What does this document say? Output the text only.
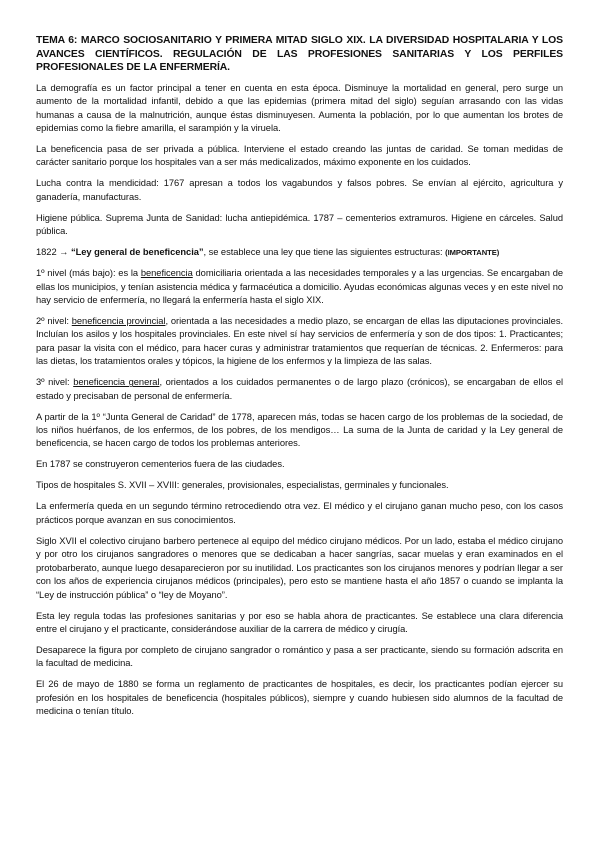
TEMA 6: MARCO SOCIOSANITARIO Y PRIMERA MITAD SIGLO XIX. LA DIVERSIDAD HOSPITALARIA Y LOS AVANCES CIENTÍFICOS. REGULACIÓN DE LAS PROFESIONES SANITARIAS Y LOS PERFILES PROFESIONALES DE LA ENFERMERÍA.

La demografía es un factor principal a tener en cuenta en esta época. Disminuye la mortalidad en general, pero surge un aumento de la mortalidad infantil, debido a que las epidemias (primera mitad del siglo) seguían arrasando con las vidas humanas a causa de la malnutrición, aunque éstas disminuyesen. Aumenta la población, por lo que aumentan los brotes de epidemias como la fiebre amarilla, el sarampión y la viruela.

La beneficencia pasa de ser privada a pública. Interviene el estado creando las juntas de caridad. Se toman medidas de carácter sanitario porque los hospitales van a ser más medicalizados, máximo exponente en los cuidados.

Lucha contra la mendicidad: 1767 apresan a todos los vagabundos y falsos pobres. Se envían al ejército, agricultura y ganadería, manufacturas.

Higiene pública. Suprema Junta de Sanidad: lucha antiepidémica. 1787 – cementerios extramuros. Higiene en cárceles. Salud pública.

1822 → “Ley general de beneficencia”, se establece una ley que tiene las siguientes estructuras: (IMPORTANTE)

1º nivel (más bajo): es la beneficencia domiciliaria orientada a las necesidades temporales y a las urgencias. Se encargaban de ellas los municipios, y tenían asistencia médica y farmacéutica a domicilio. Ayudas económicas algunas veces y en este nivel no hay servicio de enfermería, no llegará la enfermería hasta el siglo XIX.

2º nivel: beneficencia provincial, orientada a las necesidades a medio plazo, se encargan de ellas las diputaciones provinciales. Incluían los asilos y los hospitales provinciales. En este nivel sí hay servicios de enfermería y son de dos tipos: 1. Practicantes; para pasar la visita con el médico, para hacer curas y administrar tratamientos que requerían de técnicas. 2. Enfermeros: para las dietas, los tratamientos orales y tópicos, la higiene de los enfermos y la limpieza de las salas.

3º nivel: beneficencia general, orientados a los cuidados permanentes o de largo plazo (crónicos), se encargaban de ellos el estado y precisaban de personal de enfermería.

A partir de la 1º “Junta General de Caridad” de 1778, aparecen más, todas se hacen cargo de los problemas de la sociedad, de los niños huérfanos, de los enfermos, de los pobres, de los mendigos… La suma de la Junta de caridad y la Ley general de beneficencia, se hacen cargo de todos los problemas anteriores.

En 1787 se construyeron cementerios fuera de las ciudades.

Tipos de hospitales S. XVII – XVIII: generales, provisionales, especialistas, germinales y funcionales.

La enfermería queda en un segundo término retrocediendo otra vez. El médico y el cirujano ganan mucho peso, con los casos prácticos porque avanzan en sus conocimientos.

Siglo XVII el colectivo cirujano barbero pertenece al equipo del médico cirujano médicos. Por un lado, estaba el médico cirujano y por otro los cirujanos sangradores o menores que se dedicaban a hacer sangrías, sacar muelas y eran examinados en el protobarberato, aunque luego desaparecieron por su inutilidad. Los practicantes son los cirujanos menores y podrían llegar a ser con los años de experiencia cirujanos médicos (principales), pero esto se mantiene hasta el año 1857 o cuando se implanta la “Ley de instrucción pública” o “ley de Moyano”.

Esta ley regula todas las profesiones sanitarias y por eso se habla ahora de practicantes. Se establece una clara diferencia entre el cirujano y el practicante, considerándose auxiliar de la carrera de médico y cirugía.

Desaparece la figura por completo de cirujano sangrador o romántico y pasa a ser practicante, siendo su formación adscrita en la facultad de medicina.

El 26 de mayo de 1880 se forma un reglamento de practicantes de hospitales, es decir, los practicantes podían ejercer su profesión en los hospitales de beneficencia (hospitales públicos), siempre y cuando hubiesen sido alumnos de la facultad de medicina o tenían título.
